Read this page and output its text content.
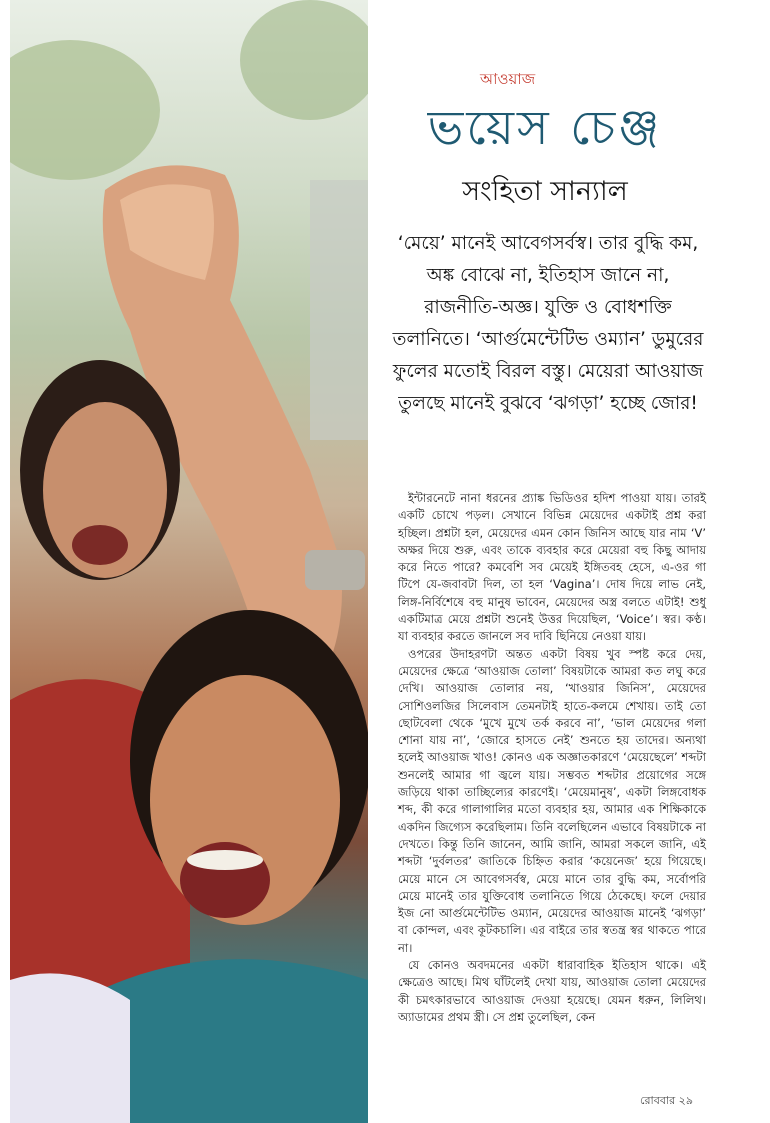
আওয়াজ
ভয়েস চেঞ্জ
সংহিতা সান্যাল
‘মেয়ে’ মানেই আবেগসর্বস্ব। তার বুদ্ধি কম, অঙ্ক বোঝে না, ইতিহাস জানে না, রাজনীতি-অজ্ঞ। যুক্তি ও বোধশক্তি তলানিতে। ‘আর্গুমেন্টেটিভ ওম্যান’ ডুমুরের ফুলের মতোই বিরল বস্তু। মেয়েরা আওয়াজ তুলছে মানেই বুঝবে ‘ঝগড়া’ হচ্ছে জোর!

ইন্টারনেটে নানা ধরনের প্র্যাঙ্ক ভিডিওর হদিশ পাওয়া যায়। তারই একটি চোখে পড়ল। সেখানে বিভিন্ন মেয়েদের একটাই প্রশ্ন করা হচ্ছিল। প্রশ্নটা হল, মেয়েদের এমন কোন জিনিস আছে যার নাম ‘V’ অক্ষর দিয়ে শুরু, এবং তাকে ব্যবহার করে মেয়েরা বহু কিছু আদায় করে নিতে পারে? কমবেশি সব মেয়েই ইঙ্গিতবহ হেসে, এ-ওর গা টিপে যে-জবাবটা দিল, তা হল ‘Vagina’। দোষ দিয়ে লাভ নেই, লিঙ্গ-নির্বিশেষে বহু মানুষ ভাবেন, মেয়েদের অস্ত্র বলতে এটাই! শুধু একটিমাত্র মেয়ে প্রশ্নটা শুনেই উত্তর দিয়েছিল, ‘Voice’। স্বর। কণ্ঠ। যা ব্যবহার করতে জানলে সব দাবি ছিনিয়ে নেওয়া যায়।

ওপরের উদাহরণটা অন্তত একটা বিষয় খুব স্পষ্ট করে দেয়, মেয়েদের ক্ষেত্রে ‘আওয়াজ তোলা’ বিষয়টাকে আমরা কত লঘু করে দেখি। আওয়াজ তোলার নয়, ‘খাওয়ার জিনিস’, মেয়েদের সোশিওলজির সিলেবাস তেমনটাই হাতে-কলমে শেখায়। তাই তো ছোটবেলা থেকে ‘মুখে মুখে তর্ক করবে না’, ‘ভাল মেয়েদের গলা শোনা যায় না’, ‘জোরে হাসতে নেই’ শুনতে হয় তাদের। অন্যথা হলেই আওয়াজ খাও! কোনও এক অজ্ঞাতকারণে ‘মেয়েছেলে’ শব্দটা শুনলেই আমার গা জ্বলে যায়। সম্ভবত শব্দটার প্রয়োগের সঙ্গে জড়িয়ে থাকা তাচ্ছিল্যের কারণেই। ‘মেয়েমানুষ’, একটা লিঙ্গবোধক শব্দ, কী করে গালাগালির মতো ব্যবহার হয়, আমার এক শিক্ষিকাকে একদিন জিগ্যেস করেছিলাম। তিনি বলেছিলেন এভাবে বিষয়টাকে না দেখতে। কিন্তু তিনি জানেন, আমি জানি, আমরা সকলে জানি, এই শব্দটা ‘দুর্বলতর’ জাতিকে চিহ্নিত করার ‘কয়েনেজ’ হয়ে গিয়েছে। মেয়ে মানে সে আবেগসর্বস্ব, মেয়ে মানে তার বুদ্ধি কম, সর্বোপরি মেয়ে মানেই তার যুক্তিবোধ তলানিতে গিয়ে ঠেকেছে। ফলে দেয়ার ইজ নো আর্গুমেন্টেটিভ ওম্যান, মেয়েদের আওয়াজ মানেই ‘ঝগড়া’ বা কোন্দল, এবং কূটকচালি। এর বাইরে তার স্বতন্ত্র স্বর থাকতে পারে না।

যে কোনও অবদমনের একটা ধারাবাহিক ইতিহাস থাকে। এই ক্ষেত্রেও আছে। মিথ ঘাঁটলেই দেখা যায়, আওয়াজ তোলা মেয়েদের কী চমৎকারভাবে আওয়াজ দেওয়া হয়েছে। যেমন ধরুন, লিলিথ। অ্যাডামের প্রথম স্ত্রী। সে প্রশ্ন তুলেছিল, কেন

রোববার ২৯
